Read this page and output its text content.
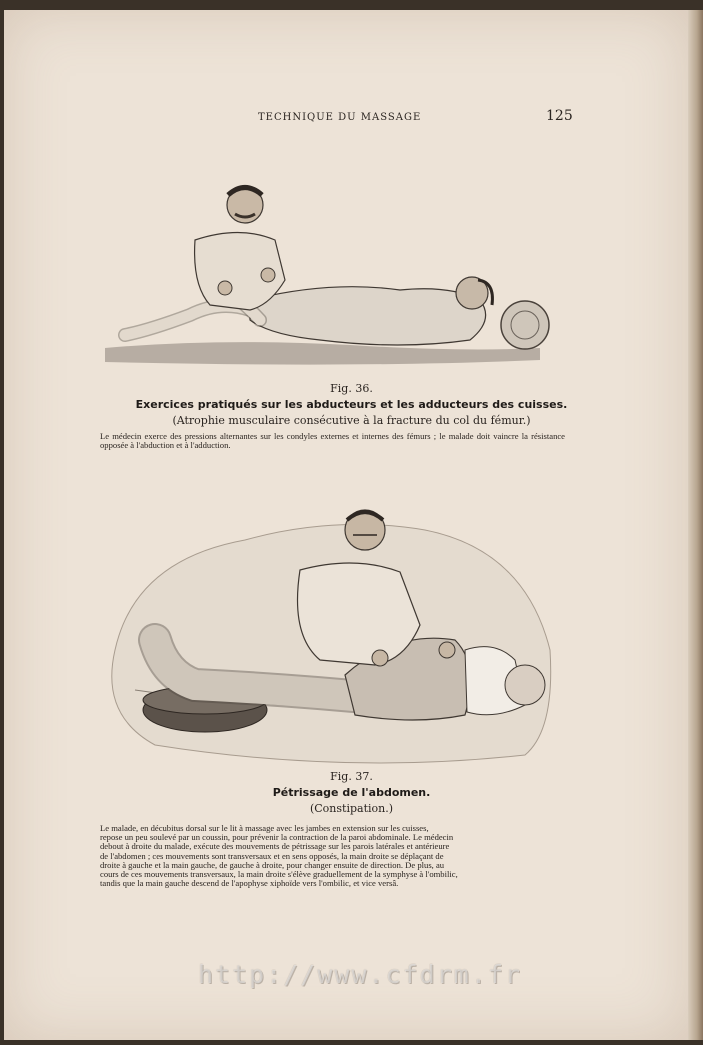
TECHNIQUE DU MASSAGE	125
Fig. 36.
Exercices pratiqués sur les abducteurs et les adducteurs des cuisses.
(Atrophie musculaire consécutive à la fracture du col du fémur.)
Le médecin exerce des pressions alternantes sur les condyles externes et internes des fémurs ; le malade doit vaincre la résistance opposée à l'abduction et à l'adduction.
Fig. 37.
Pétrissage de l'abdomen.
(Constipation.)

Le malade, en décubitus dorsal sur le lit à massage avec les jambes en extension sur les cuisses,

repose un peu soulevé par un coussin, pour prévenir la contraction de la paroi abdominale. Le médecin

debout à droite du malade, exécute des mouvements de pétrissage sur les parois latérales et antérieure

de l'abdomen ; ces mouvements sont transversaux et en sens opposés, la main droite se déplaçant de

droite à gauche et la main gauche, de gauche à droite, pour changer ensuite de direction. De plus, au

cours de ces mouvements transversaux, la main droite s'élève graduellement de la symphyse à l'ombilic,

tandis que la main gauche descend de l'apophyse xiphoïde vers l'ombilic, et vice versâ.

http://www.cfdrm.fr
